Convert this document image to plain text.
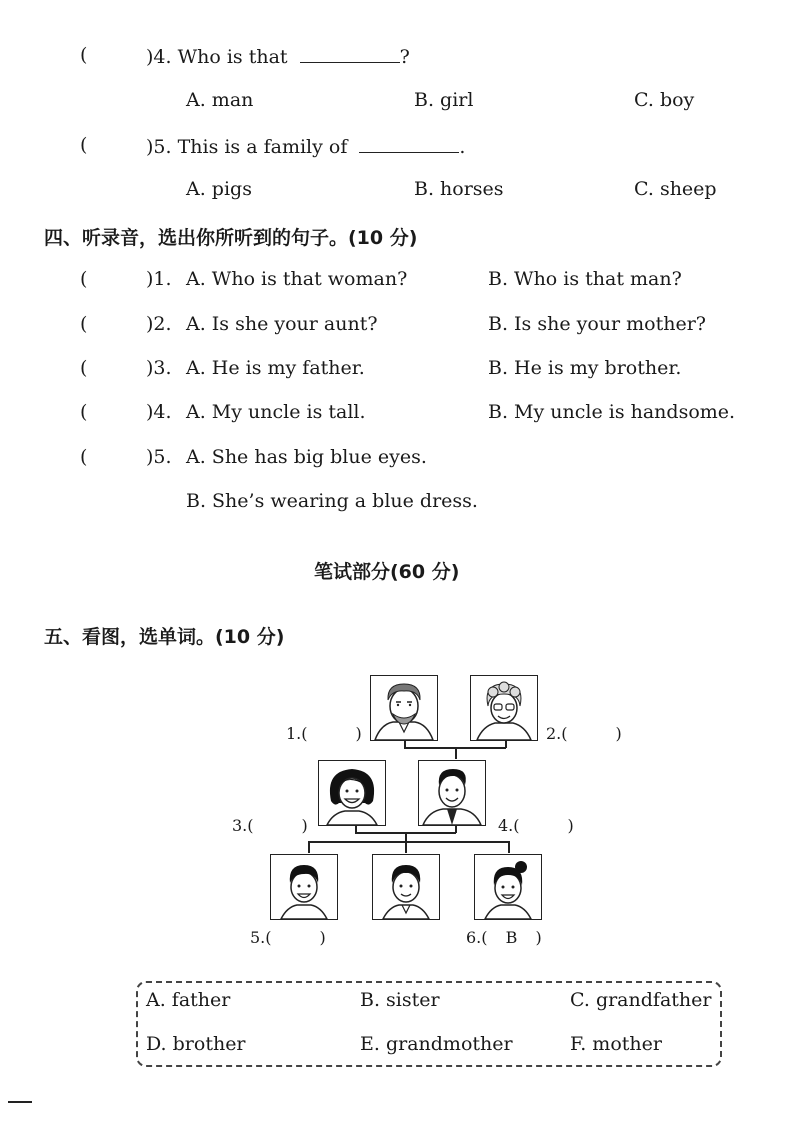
(	)4. Who is that	?
A. man	B. girl	C. boy
(	)5. This is a family of	.
A. pigs	B. horses	C. sheep
四、听录音，选出你所听到的句子。(10 分)
(	)1. A. Who is that woman?	B. Who is that man?
(	)2. A. Is she your aunt?	B. Is she your mother?
(	)3. A. He is my father.	B. He is my brother.
(	)4. A. My uncle is tall.	B. My uncle is handsome.
(	)5. A. She has big blue eyes.
B. She’s wearing a blue dress.
笔试部分(60 分)
五、看图，选单词。(10 分)
1.(	)	2.(	)
3.(	)	4.(	)
5.(	)	6.( B )
A. father	B. sister	C. grandfather
D. brother	E. grandmother	F. mother
